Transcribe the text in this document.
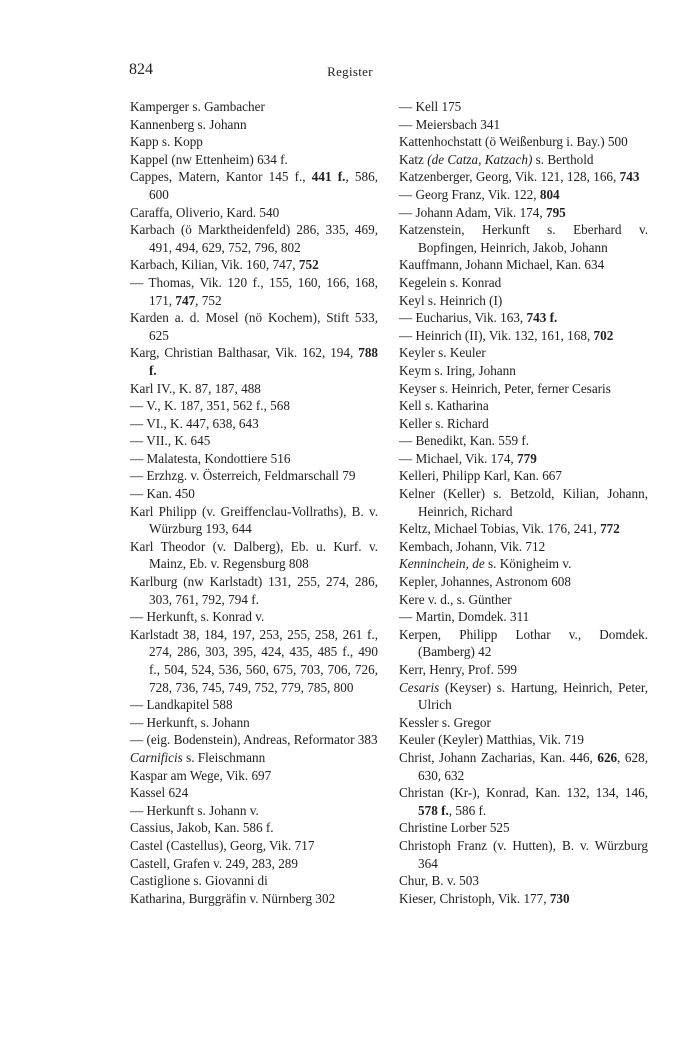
824	Register
Kamperger s. Gambacher
Kannenberg s. Johann
Kapp s. Kopp
Kappel (nw Ettenheim) 634 f.
Cappes, Matern, Kantor 145 f., 441 f., 586, 600
Caraffa, Oliverio, Kard. 540
Karbach (ö Marktheidenfeld) 286, 335, 469, 491, 494, 629, 752, 796, 802
Karbach, Kilian, Vik. 160, 747, 752
— Thomas, Vik. 120 f., 155, 160, 166, 168, 171, 747, 752
Karden a. d. Mosel (nö Kochem), Stift 533, 625
Karg, Christian Balthasar, Vik. 162, 194, 788 f.
Karl IV., K. 87, 187, 488
— V., K. 187, 351, 562 f., 568
— VI., K. 447, 638, 643
— VII., K. 645
— Malatesta, Kondottiere 516
— Erzhzg. v. Österreich, Feldmarschall 79
— Kan. 450
Karl Philipp (v. Greiffenclau-Vollraths), B. v. Würzburg 193, 644
Karl Theodor (v. Dalberg), Eb. u. Kurf. v. Mainz, Eb. v. Regensburg 808
Karlburg (nw Karlstadt) 131, 255, 274, 286, 303, 761, 792, 794 f.
— Herkunft, s. Konrad v.
Karlstadt 38, 184, 197, 253, 255, 258, 261 f., 274, 286, 303, 395, 424, 435, 485 f., 490 f., 504, 524, 536, 560, 675, 703, 706, 726, 728, 736, 745, 749, 752, 779, 785, 800
— Landkapitel 588
— Herkunft, s. Johann
— (eig. Bodenstein), Andreas, Reformator 383
Carnificis s. Fleischmann
Kaspar am Wege, Vik. 697
Kassel 624
— Herkunft s. Johann v.
Cassius, Jakob, Kan. 586 f.
Castel (Castellus), Georg, Vik. 717
Castell, Grafen v. 249, 283, 289
Castiglione s. Giovanni di
Katharina, Burggräfin v. Nürnberg 302
— Kell 175
— Meiersbach 341
Kattenhochstatt (ö Weißenburg i. Bay.) 500
Katz (de Catza, Katzach) s. Berthold
Katzenberger, Georg, Vik. 121, 128, 166, 743
— Georg Franz, Vik. 122, 804
— Johann Adam, Vik. 174, 795
Katzenstein, Herkunft s. Eberhard v. Bopfingen, Heinrich, Jakob, Johann
Kauffmann, Johann Michael, Kan. 634
Kegelein s. Konrad
Keyl s. Heinrich (I)
— Eucharius, Vik. 163, 743 f.
— Heinrich (II), Vik. 132, 161, 168, 702
Keyler s. Keuler
Keym s. Iring, Johann
Keyser s. Heinrich, Peter, ferner Cesaris
Kell s. Katharina
Keller s. Richard
— Benedikt, Kan. 559 f.
— Michael, Vik. 174, 779
Kelleri, Philipp Karl, Kan. 667
Kelner (Keller) s. Betzold, Kilian, Johann, Heinrich, Richard
Keltz, Michael Tobias, Vik. 176, 241, 772
Kembach, Johann, Vik. 712
Kenninchein, de s. Königheim v.
Kepler, Johannes, Astronom 608
Kere v. d., s. Günther
— Martin, Domdek. 311
Kerpen, Philipp Lothar v., Domdek. (Bamberg) 42
Kerr, Henry, Prof. 599
Cesaris (Keyser) s. Hartung, Heinrich, Peter, Ulrich
Kessler s. Gregor
Keuler (Keyler) Matthias, Vik. 719
Christ, Johann Zacharias, Kan. 446, 626, 628, 630, 632
Christan (Kr-), Konrad, Kan. 132, 134, 146, 578 f., 586 f.
Christine Lorber 525
Christoph Franz (v. Hutten), B. v. Würzburg 364
Chur, B. v. 503
Kieser, Christoph, Vik. 177, 730
